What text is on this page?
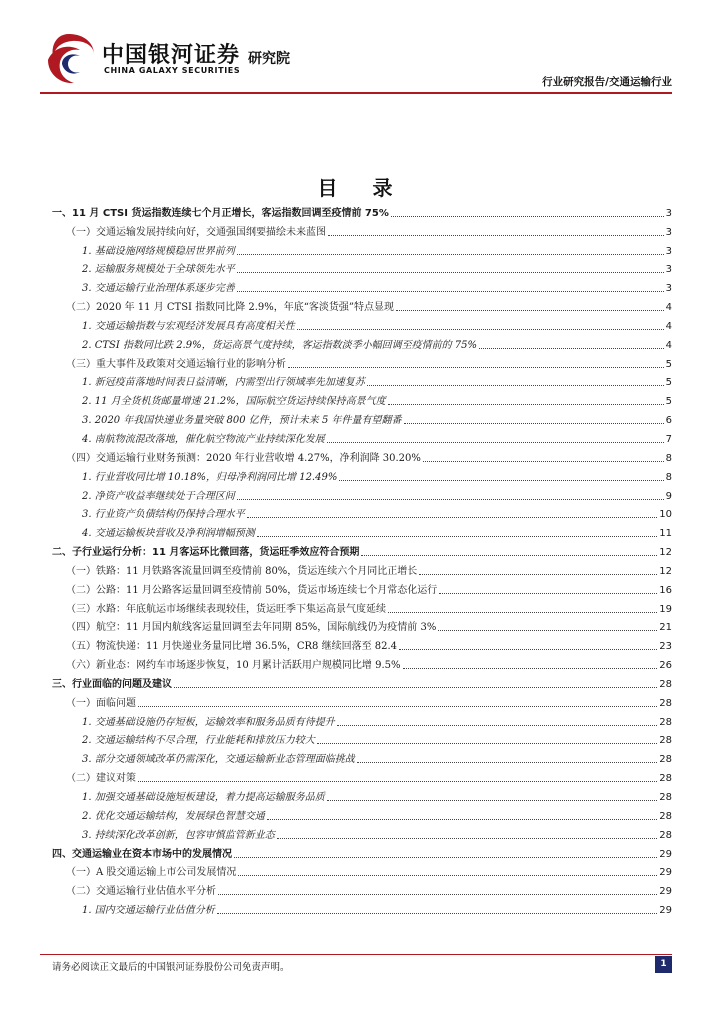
中国银河证券 研究院
CHINA GALAXY SECURITIES
行业研究报告/交通运输行业
目 录
一、11 月 CTSI 货运指数连续七个月正增长，客运指数回调至疫情前 75%	3
（一）交通运输发展持续向好，交通强国纲要描绘未来蓝图	3
1. 基础设施网络规模稳居世界前列	3
2. 运输服务规模处于全球领先水平	3
3. 交通运输行业治理体系逐步完善	3
（二）2020 年 11 月 CTSI 指数同比降 2.9%，年底“客淡货强”特点显现	4
1. 交通运输指数与宏观经济发展具有高度相关性	4
2. CTSI 指数同比跌 2.9%，货运高景气度持续，客运指数淡季小幅回调至疫情前的 75%	4
（三）重大事件及政策对交通运输行业的影响分析	5
1. 新冠疫苗落地时间表日益清晰，内需型出行领域率先加速复苏	5
2. 11 月全货机货邮量增速 21.2%，国际航空货运持续保持高景气度	5
3. 2020 年我国快递业务量突破 800 亿件，预计未来 5 年件量有望翻番	6
4. 南航物流混改落地，催化航空物流产业持续深化发展	7
（四）交通运输行业财务预测：2020 年行业营收增 4.27%，净利润降 30.20%	8
1. 行业营收同比增 10.18%，归母净利润同比增 12.49%	8
2. 净资产收益率继续处于合理区间	9
3. 行业资产负债结构仍保持合理水平	10
4. 交通运输板块营收及净利润增幅预测	11
二、子行业运行分析：11 月客运环比微回落，货运旺季效应符合预期	12
（一）铁路：11 月铁路客流量回调至疫情前 80%，货运连续六个月同比正增长	12
（二）公路：11 月公路客运量回调至疫情前 50%，货运市场连续七个月常态化运行	16
（三）水路：年底航运市场继续表现较佳，货运旺季下集运高景气度延续	19
（四）航空：11 月国内航线客运量回调至去年同期 85%，国际航线仍为疫情前 3%	21
（五）物流快递：11 月快递业务量同比增 36.5%，CR8 继续回落至 82.4	23
（六）新业态：网约车市场逐步恢复，10 月累计活跃用户规模同比增 9.5%	26
三、行业面临的问题及建议	28
（一）面临问题	28
1. 交通基础设施仍存短板，运输效率和服务品质有待提升	28
2. 交通运输结构不尽合理，行业能耗和排放压力较大	28
3. 部分交通领域改革仍需深化，交通运输新业态管理面临挑战	28
（二）建议对策	28
1. 加强交通基础设施短板建设，着力提高运输服务品质	28
2. 优化交通运输结构，发展绿色智慧交通	28
3. 持续深化改革创新，包容审慎监管新业态	28
四、交通运输业在资本市场中的发展情况	29
（一）A 股交通运输上市公司发展情况	29
（二）交通运输行业估值水平分析	29
1. 国内交通运输行业估值分析	29
请务必阅读正文最后的中国银河证券股份公司免责声明。	1
